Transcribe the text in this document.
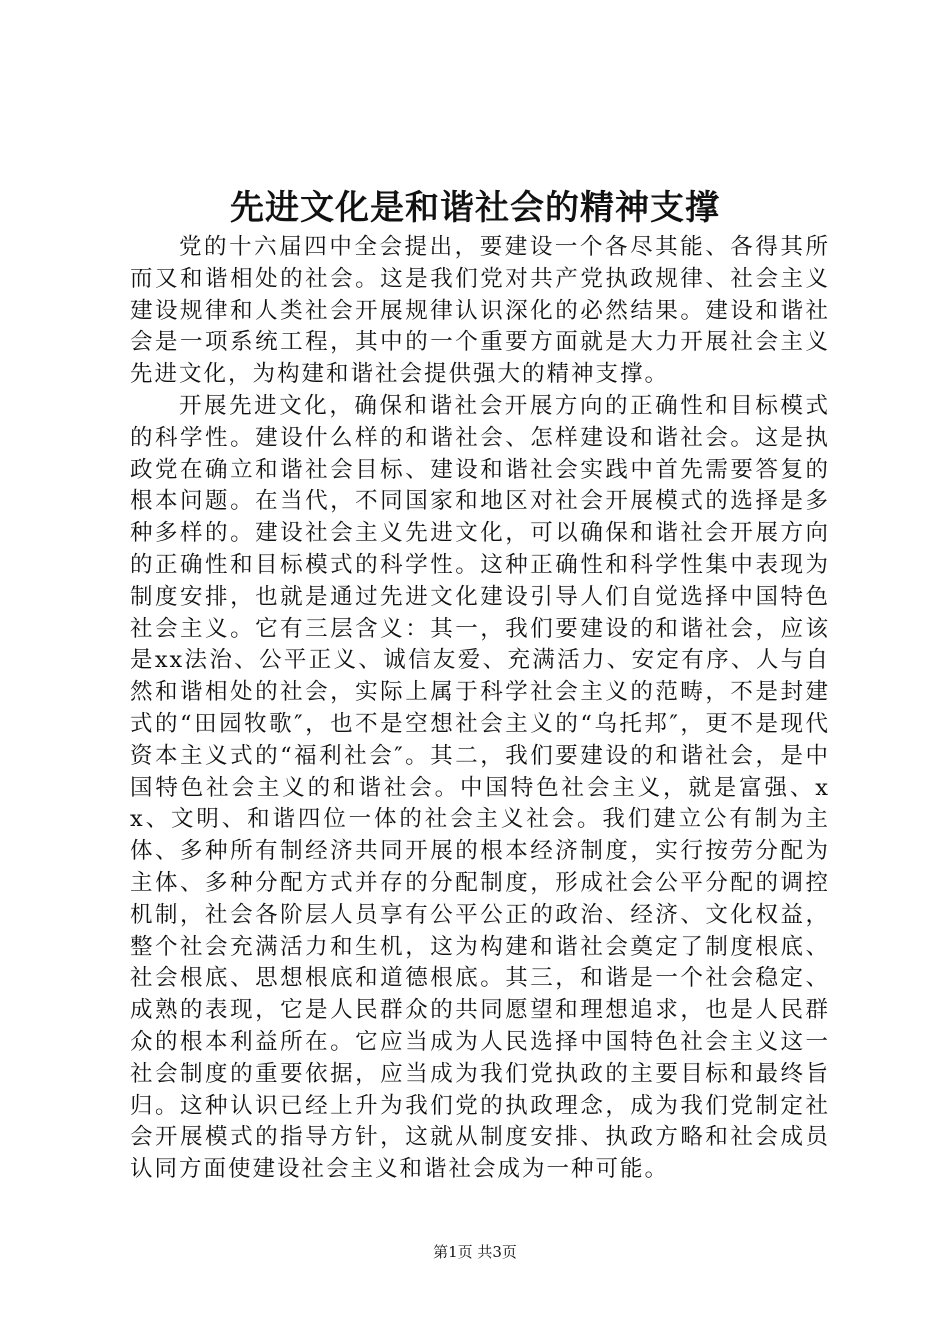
先进文化是和谐社会的精神支撑

党的十六届四中全会提出，要建设一个各尽其能、各得其所而又和谐相处的社会。这是我们党对共产党执政规律、社会主义建设规律和人类社会开展规律认识深化的必然结果。建设和谐社会是一项系统工程，其中的一个重要方面就是大力开展社会主义先进文化，为构建和谐社会提供强大的精神支撑。

开展先进文化，确保和谐社会开展方向的正确性和目标模式的科学性。建设什么样的和谐社会、怎样建设和谐社会。这是执政党在确立和谐社会目标、建设和谐社会实践中首先需要答复的根本问题。在当代，不同国家和地区对社会开展模式的选择是多种多样的。建设社会主义先进文化，可以确保和谐社会开展方向的正确性和目标模式的科学性。这种正确性和科学性集中表现为制度安排，也就是通过先进文化建设引导人们自觉选择中国特色社会主义。它有三层含义：其一，我们要建设的和谐社会，应该是xx法治、公平正义、诚信友爱、充满活力、安定有序、人与自然和谐相处的社会，实际上属于科学社会主义的范畴，不是封建式的“田园牧歌″，也不是空想社会主义的“乌托邦″，更不是现代资本主义式的“福利社会″。其二，我们要建设的和谐社会，是中国特色社会主义的和谐社会。中国特色社会主义，就是富强、xx、文明、和谐四位一体的社会主义社会。我们建立公有制为主体、多种所有制经济共同开展的根本经济制度，实行按劳分配为主体、多种分配方式并存的分配制度，形成社会公平分配的调控机制，社会各阶层人员享有公平公正的政治、经济、文化权益，整个社会充满活力和生机，这为构建和谐社会奠定了制度根底、社会根底、思想根底和道德根底。其三，和谐是一个社会稳定、成熟的表现，它是人民群众的共同愿望和理想追求，也是人民群众的根本利益所在。它应当成为人民选择中国特色社会主义这一社会制度的重要依据，应当成为我们党执政的主要目标和最终旨归。这种认识已经上升为我们党的执政理念，成为我们党制定社会开展模式的指导方针，这就从制度安排、执政方略和社会成员认同方面使建设社会主义和谐社会成为一种可能。

第1页 共3页
